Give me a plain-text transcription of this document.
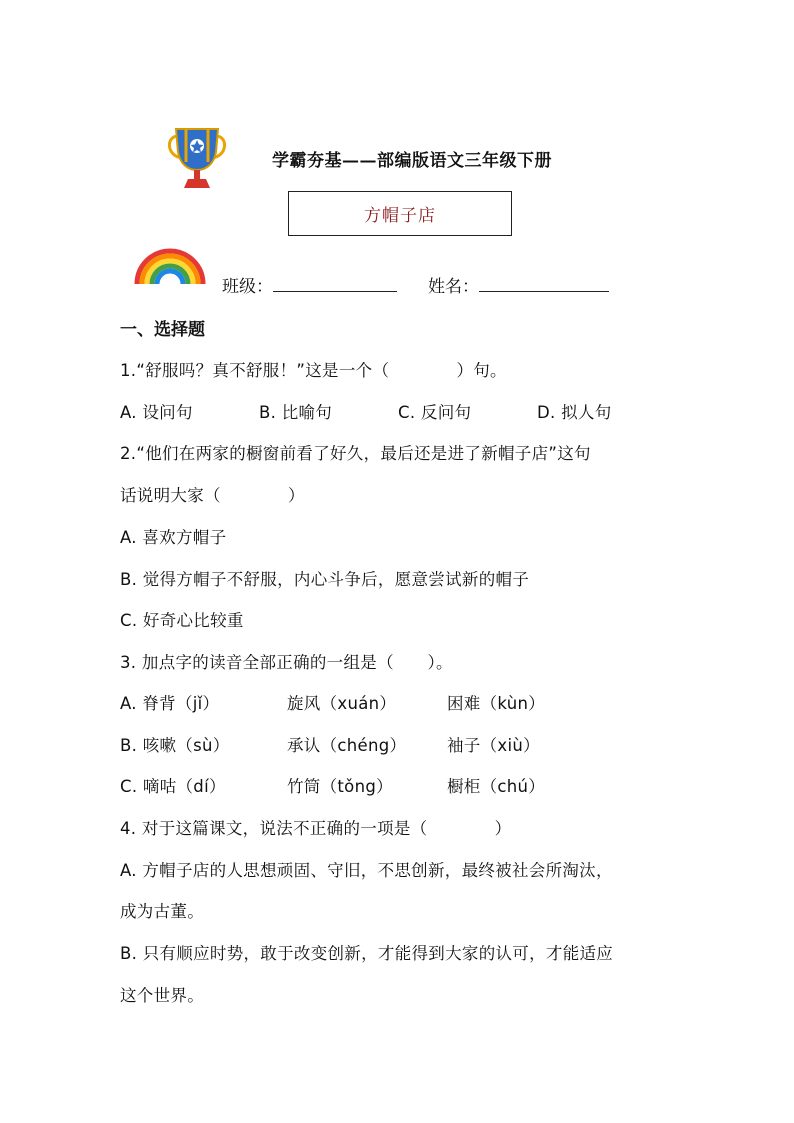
学霸夯基——部编版语文三年级下册
方帽子店
班级：	姓名：
一、选择题
1.“舒服吗？真不舒服！”这是一个（　　　　）句。
A. 设问句	B. 比喻句	C. 反问句	D. 拟人句
2.“他们在两家的橱窗前看了好久，最后还是进了新帽子店”这句
话说明大家（　　　　）
A. 喜欢方帽子
B. 觉得方帽子不舒服，内心斗争后，愿意尝试新的帽子
C. 好奇心比较重
3. 加点字的读音全部正确的一组是（　　）。
A. 脊背（jǐ）	旋风（xuán）	困难（kùn）
B. 咳嗽（sù）	承认（chéng） 袖子（xiù）
C. 嘀咕（dí）	竹筒（tǒng）	橱柜（chú）
4. 对于这篇课文，说法不正确的一项是（　　　　）
A. 方帽子店的人思想顽固、守旧，不思创新，最终被社会所淘汰，
成为古董。
B. 只有顺应时势，敢于改变创新，才能得到大家的认可，才能适应
这个世界。
